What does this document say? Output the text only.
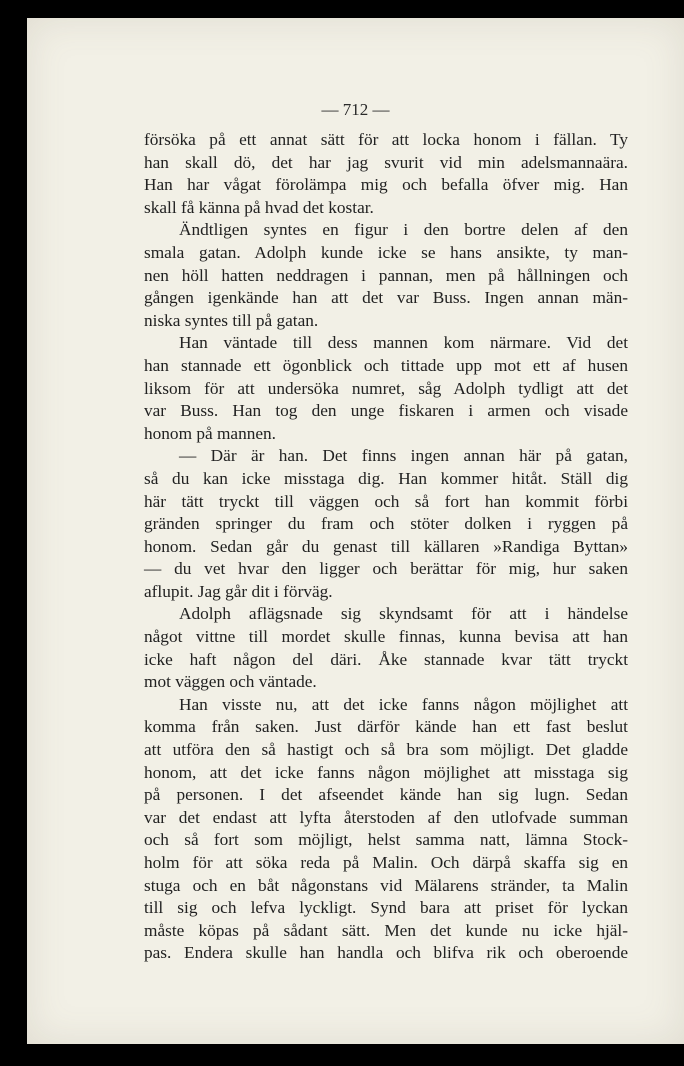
— 712 —

försöka på ett annat sätt för att locka honom i fällan. Ty
han skall dö, det har jag svurit vid min adelsmannaära.
Han har vågat förolämpa mig och befalla öfver mig. Han
skall få känna på hvad det kostar.
Ändtligen syntes en figur i den bortre delen af den
smala gatan. Adolph kunde icke se hans ansikte, ty man-
nen höll hatten neddragen i pannan, men på hållningen och
gången igenkände han att det var Buss. Ingen annan män-
niska syntes till på gatan.
Han väntade till dess mannen kom närmare. Vid det
han stannade ett ögonblick och tittade upp mot ett af husen
liksom för att undersöka numret, såg Adolph tydligt att det
var Buss. Han tog den unge fiskaren i armen och visade
honom på mannen.
— Där är han. Det finns ingen annan här på gatan,
så du kan icke misstaga dig. Han kommer hitåt. Ställ dig
här tätt tryckt till väggen och så fort han kommit förbi
gränden springer du fram och stöter dolken i ryggen på
honom. Sedan går du genast till källaren »Randiga Byttan»
— du vet hvar den ligger och berättar för mig, hur saken
aflupit. Jag går dit i förväg.
Adolph aflägsnade sig skyndsamt för att i händelse
något vittne till mordet skulle finnas, kunna bevisa att han
icke haft någon del däri. Åke stannade kvar tätt tryckt
mot väggen och väntade.
Han visste nu, att det icke fanns någon möjlighet att
komma från saken. Just därför kände han ett fast beslut
att utföra den så hastigt och så bra som möjligt. Det gladde
honom, att det icke fanns någon möjlighet att misstaga sig
på personen. I det afseendet kände han sig lugn. Sedan
var det endast att lyfta återstoden af den utlofvade summan
och så fort som möjligt, helst samma natt, lämna Stock-
holm för att söka reda på Malin. Och därpå skaffa sig en
stuga och en båt någonstans vid Mälarens stränder, ta Malin
till sig och lefva lyckligt. Synd bara att priset för lyckan
måste köpas på sådant sätt. Men det kunde nu icke hjäl-
pas. Endera skulle han handla och blifva rik och oberoende
